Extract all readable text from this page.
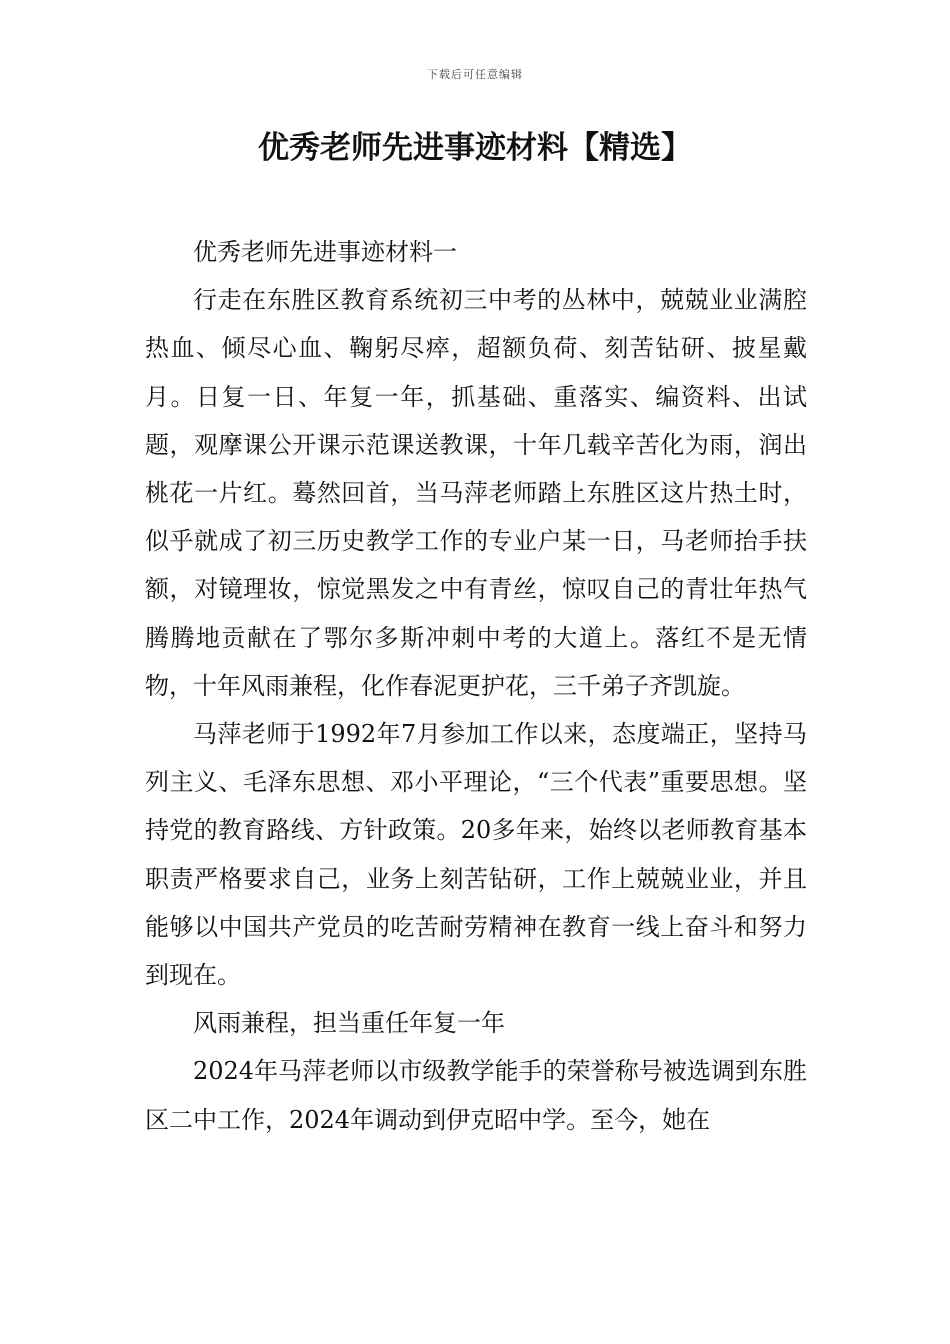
下载后可任意编辑
优秀老师先进事迹材料【精选】

优秀老师先进事迹材料一

行走在东胜区教育系统初三中考的丛林中，兢兢业业满腔热血、倾尽心血、鞠躬尽瘁，超额负荷、刻苦钻研、披星戴月。日复一日、年复一年，抓基础、重落实、编资料、出试题，观摩课公开课示范课送教课，十年几载辛苦化为雨，润出桃花一片红。蓦然回首，当马萍老师踏上东胜区这片热土时，似乎就成了初三历史教学工作的专业户某一日，马老师抬手扶额，对镜理妆，惊觉黑发之中有青丝，惊叹自己的青壮年热气腾腾地贡献在了鄂尔多斯冲刺中考的大道上。落红不是无情物，十年风雨兼程，化作春泥更护花，三千弟子齐凯旋。

马萍老师于1992年7月参加工作以来，态度端正，坚持马列主义、毛泽东思想、邓小平理论，“三个代表”重要思想。坚持党的教育路线、方针政策。20多年来，始终以老师教育基本职责严格要求自己，业务上刻苦钻研，工作上兢兢业业，并且能够以中国共产党员的吃苦耐劳精神在教育一线上奋斗和努力到现在。

风雨兼程，担当重任年复一年

2024年马萍老师以市级教学能手的荣誉称号被选调到东胜区二中工作，2024年调动到伊克昭中学。至今，她在
